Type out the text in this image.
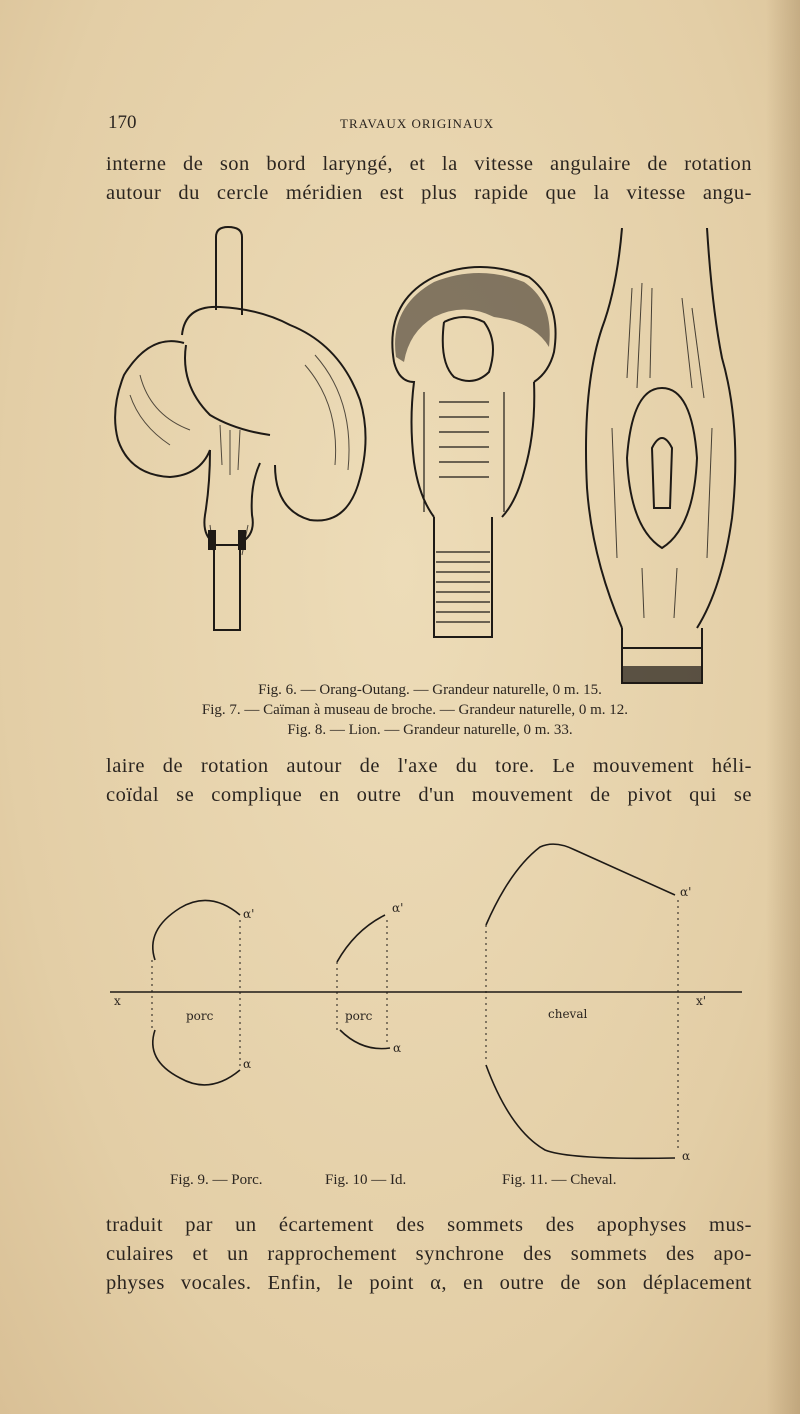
170	TRAVAUX ORIGINAUX
interne de son bord laryngé, et la vitesse angulaire de rotation
autour du cercle méridien est plus rapide que la vitesse angu-
Fig. 6. — Orang-Outang. — Grandeur naturelle, 0 m. 15.
Fig. 7. — Caïman à museau de broche. — Grandeur naturelle, 0 m. 12.
Fig. 8. — Lion. — Grandeur naturelle, 0 m. 33.
laire de rotation autour de l'axe du tore. Le mouvement héli-
coïdal se complique en outre d'un mouvement de pivot qui se
x	x'
porc	porc	cheval
α'
α
α'
α
α'
α
Fig. 9. — Porc.	Fig. 10 — Id.	Fig. 11. — Cheval.
traduit par un écartement des sommets des apophyses mus-
culaires et un rapprochement synchrone des sommets des apo-
physes vocales. Enfin, le point α, en outre de son déplacement
